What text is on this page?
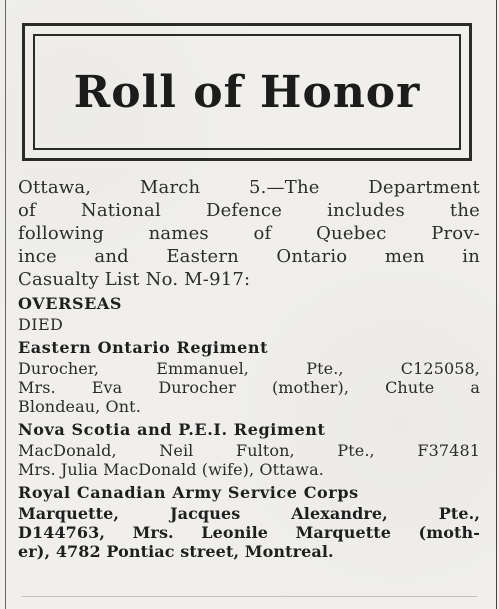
Roll of Honor

Ottawa, March 5.—The Department

of National Defence includes the

following names of Quebec Prov-

ince and Eastern Ontario men in

Casualty List No. M-917:

OVERSEAS
DIED
Eastern Ontario Regiment
Durocher, Emmanuel, Pte., C125058,
Mrs. Eva Durocher (mother), Chute a
Blondeau, Ont.
Nova Scotia and P.E.I. Regiment
MacDonald, Neil Fulton, Pte., F37481
Mrs. Julia MacDonald (wife), Ottawa.
Royal Canadian Army Service Corps
Marquette, Jacques Alexandre, Pte.,
D144763, Mrs. Leonile Marquette (moth-
er), 4782 Pontiac street, Montreal.
